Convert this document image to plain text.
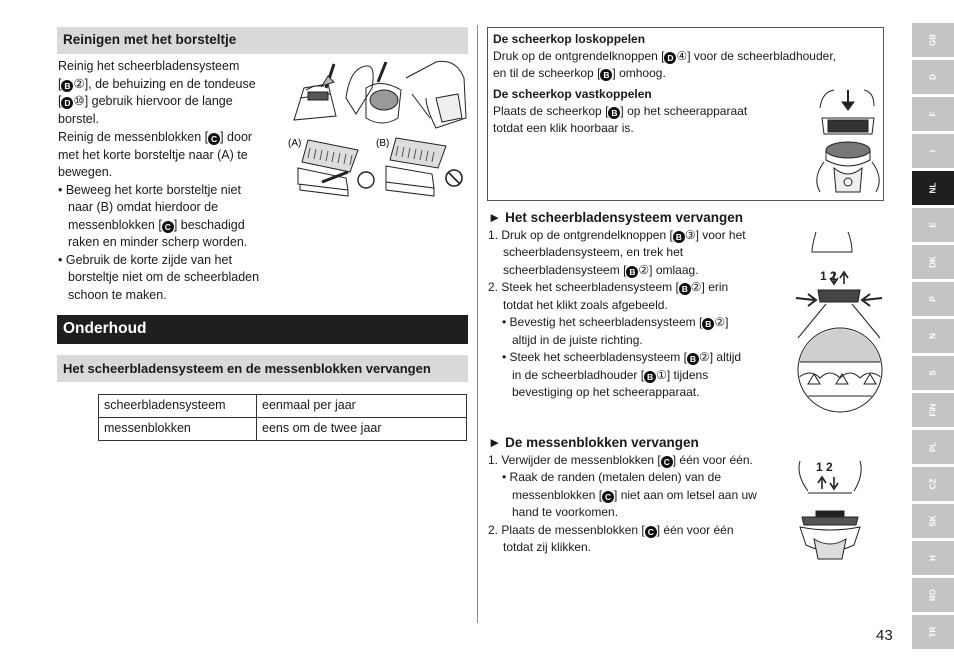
Reinigen met het borsteltje

Reinig het scheerbladensysteem

[ B ②], de behuizing en de tondeuse

[ D ⑩] gebruik hiervoor de lange

borstel.

Reinig de messenblokken [ C ] door

met het korte borsteltje naar (A) te

bewegen.

• Beweeg het korte borsteltje niet

naar (B) omdat hierdoor de

messenblokken [ C ] beschadigd

raken en minder scherp worden.

• Gebruik de korte zijde van het

borsteltje niet om de scheerbladen

schoon te maken.

Onderhoud
Het scheerbladensysteem en de messenblokken vervangen
(A)	(B)
scheerbladensysteem	eenmaal per jaar
messenblokken	eens om de twee jaar

De scheerkop loskoppelen

Druk op de ontgrendelknoppen [ D ④] voor de scheerbladhouder,

en til de scheerkop [ B ] omhoog.

De scheerkop vastkoppelen

Plaats de scheerkop [ B ] op het scheerapparaat

totdat een klik hoorbaar is.

► Het scheerbladensysteem vervangen

1. Druk op de ontgrendelknoppen [ B ③] voor het

scheerbladensysteem, en trek het

scheerbladensysteem [ B ②] omlaag.

2. Steek het scheerbladensysteem [ B ②] erin

totdat het klikt zoals afgebeeld.

• Bevestig het scheerbladensysteem [ B ②]

altijd in de juiste richting.

• Steek het scheerbladensysteem [ B ②] altijd

in de scheerbladhouder [ B ①] tijdens

bevestiging op het scheerapparaat.

1 2

► De messenblokken vervangen

1. Verwijder de messenblokken [ C ] één voor één.

• Raak de randen (metalen delen) van de

messenblokken [ C ] niet aan om letsel aan uw

hand te voorkomen.

2. Plaats de messenblokken [ C ] één voor één

totdat zij klikken.

1 2
GB
D
F
I
NL
E
DK
P
N
S
FIN
PL
CZ
SK
H
RO
TR
43
